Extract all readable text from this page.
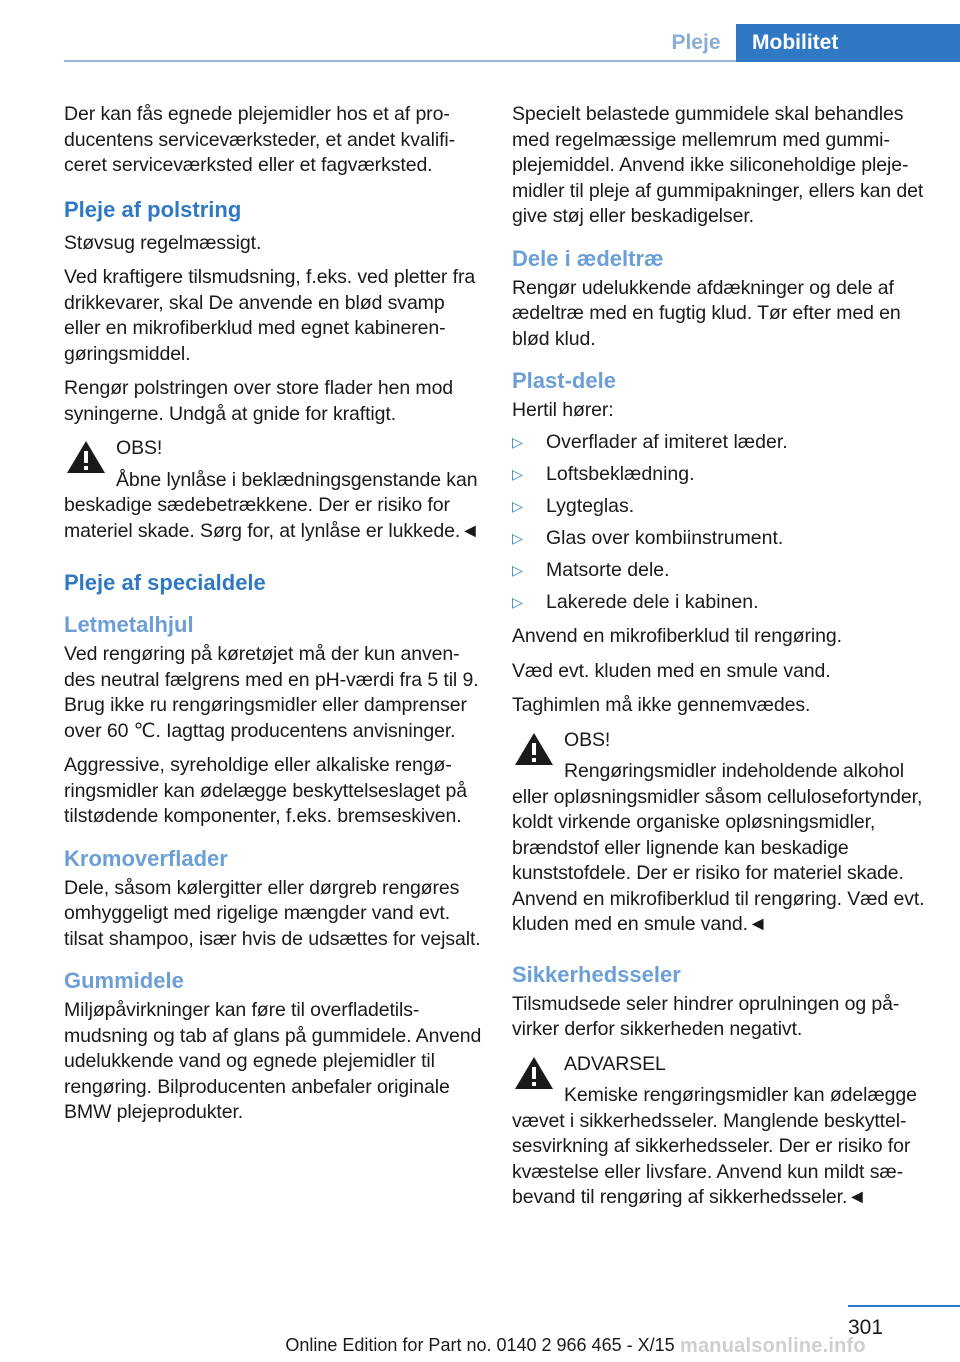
Pleje	Mobilitet

Der kan fås egnede plejemidler hos et af producentens serviceværksteder, et andet kvalificeret serviceværksted eller et fagværksted.

Pleje af polstring

Støvsug regelmæssigt.

Ved kraftigere tilsmudsning, f.eks. ved pletter fra drikkevarer, skal De anvende en blød svamp eller en mikrofiberklud med egnet kabinerengøringsmiddel.

Rengør polstringen over store flader hen mod syningerne. Undgå at gnide for kraftigt.

OBS!

Åbne lynlåse i beklædningsgenstande kan beskadige sædebetrækkene. Der er risiko for materiel skade. Sørg for, at lynlåse er lukkede.◄

Pleje af specialdele
Letmetalhjul

Ved rengøring på køretøjet må der kun anvendes neutral fælgrens med en pH-værdi fra 5 til 9. Brug ikke ru rengøringsmidler eller damprenser over 60 ℃. Iagttag producentens anvisninger.

Aggressive, syreholdige eller alkaliske rengøringsmidler kan ødelægge beskyttelseslaget på tilstødende komponenter, f.eks. bremseskiven.

Kromoverflader

Dele, såsom kølergitter eller dørgreb rengøres omhyggeligt med rigelige mængder vand evt. tilsat shampoo, især hvis de udsættes for vejsalt.

Gummidele

Miljøpåvirkninger kan føre til overfladetilsmudsning og tab af glans på gummidele. Anvend udelukkende vand og egnede plejemidler til rengøring. Bilproducenten anbefaler originale BMW plejeprodukter.

Specielt belastede gummidele skal behandles med regelmæssige mellemrum med gummiplejemiddel. Anvend ikke siliconeholdige plejemidler til pleje af gummipakninger, ellers kan det give støj eller beskadigelser.

Dele i ædeltræ

Rengør udelukkende afdækninger og dele af ædeltræ med en fugtig klud. Tør efter med en blød klud.

Plast-dele

Hertil hører:

▷ Overflader af imiteret læder.
▷ Loftsbeklædning.
▷ Lygteglas.
▷ Glas over kombiinstrument.
▷ Matsorte dele.
▷ Lakerede dele i kabinen.

Anvend en mikrofiberklud til rengøring.

Væd evt. kluden med en smule vand.

Taghimlen må ikke gennemvædes.

OBS!

Rengøringsmidler indeholdende alkohol eller opløsningsmidler såsom cellulosefortynder, koldt virkende organiske opløsningsmidler, brændstof eller lignende kan beskadige kunststofdele. Der er risiko for materiel skade. Anvend en mikrofiberklud til rengøring. Væd evt. kluden med en smule vand.◄

Sikkerhedsseler

Tilsmudsede seler hindrer oprulningen og påvirker derfor sikkerheden negativt.

ADVARSEL

Kemiske rengøringsmidler kan ødelægge vævet i sikkerhedsseler. Manglende beskyttelsesvirkning af sikkerhedsseler. Der er risiko for kvæstelse eller livsfare. Anvend kun mildt sæbevand til rengøring af sikkerhedsseler.◄

301
Online Edition for Part no. 0140 2 966 465 - X/15 manualsonline.info
